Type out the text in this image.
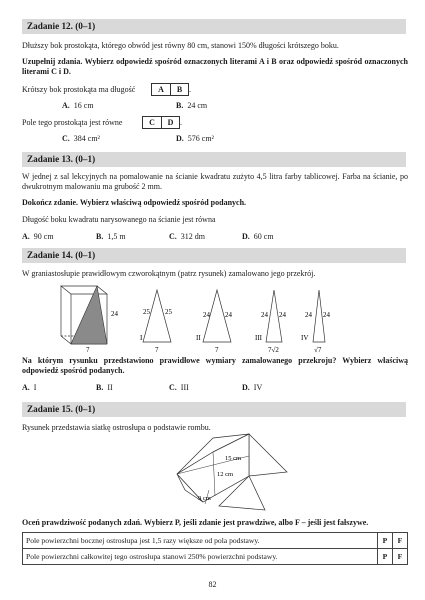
Zadanie 12. (0–1)
Dłuższy bok prostokąta, którego obwód jest równy 80 cm, stanowi 150% długości krótszego boku.
Uzupełnij zdania. Wybierz odpowiedź spośród oznaczonych literami A i B oraz odpowiedź spośród oznaczonych literami C i D.
Krótszy bok prostokąta ma długość	A	B .
A. 16 cm	B. 24 cm
Pole tego prostokąta jest równe	C	D .
C. 384 cm²	D. 576 cm²
Zadanie 13. (0–1)
W jednej z sal lekcyjnych na pomalowanie na ścianie kwadratu zużyto 4,5 litra farby tablicowej. Farba na ścianie, po dwukrotnym malowaniu ma grubość 2 mm.
Dokończ zdanie. Wybierz właściwą odpowiedź spośród podanych.
Długość boku kwadratu narysowanego na ścianie jest równa
A. 90 cm	B. 1,5 m	C. 312 dm	D. 60 cm
Zadanie 14. (0–1)
W graniastosłupie prawidłowym czworokątnym (patrz rysunek) zamalowano jego przekrój.
24
7
I
25 25
7
II
24 24
7
III
24 24
7√2
IV
24 24
√7
Na którym rysunku przedstawiono prawidłowe wymiary zamalowanego przekroju? Wybierz właściwą odpowiedź spośród podanych.
A. I	B. II	C. III	D. IV
Zadanie 15. (0–1)
Rysunek przedstawia siatkę ostrosłupa o podstawie rombu.
15 cm
12 cm
9 cm
Oceń prawdziwość podanych zdań. Wybierz P, jeśli zdanie jest prawdziwe, albo F – jeśli jest fałszywe.
Pole powierzchni bocznej ostrosłupa jest 1,5 razy większe od pola podstawy.	P	F
Pole powierzchni całkowitej tego ostrosłupa stanowi 250% powierzchni podstawy.	P	F
82
